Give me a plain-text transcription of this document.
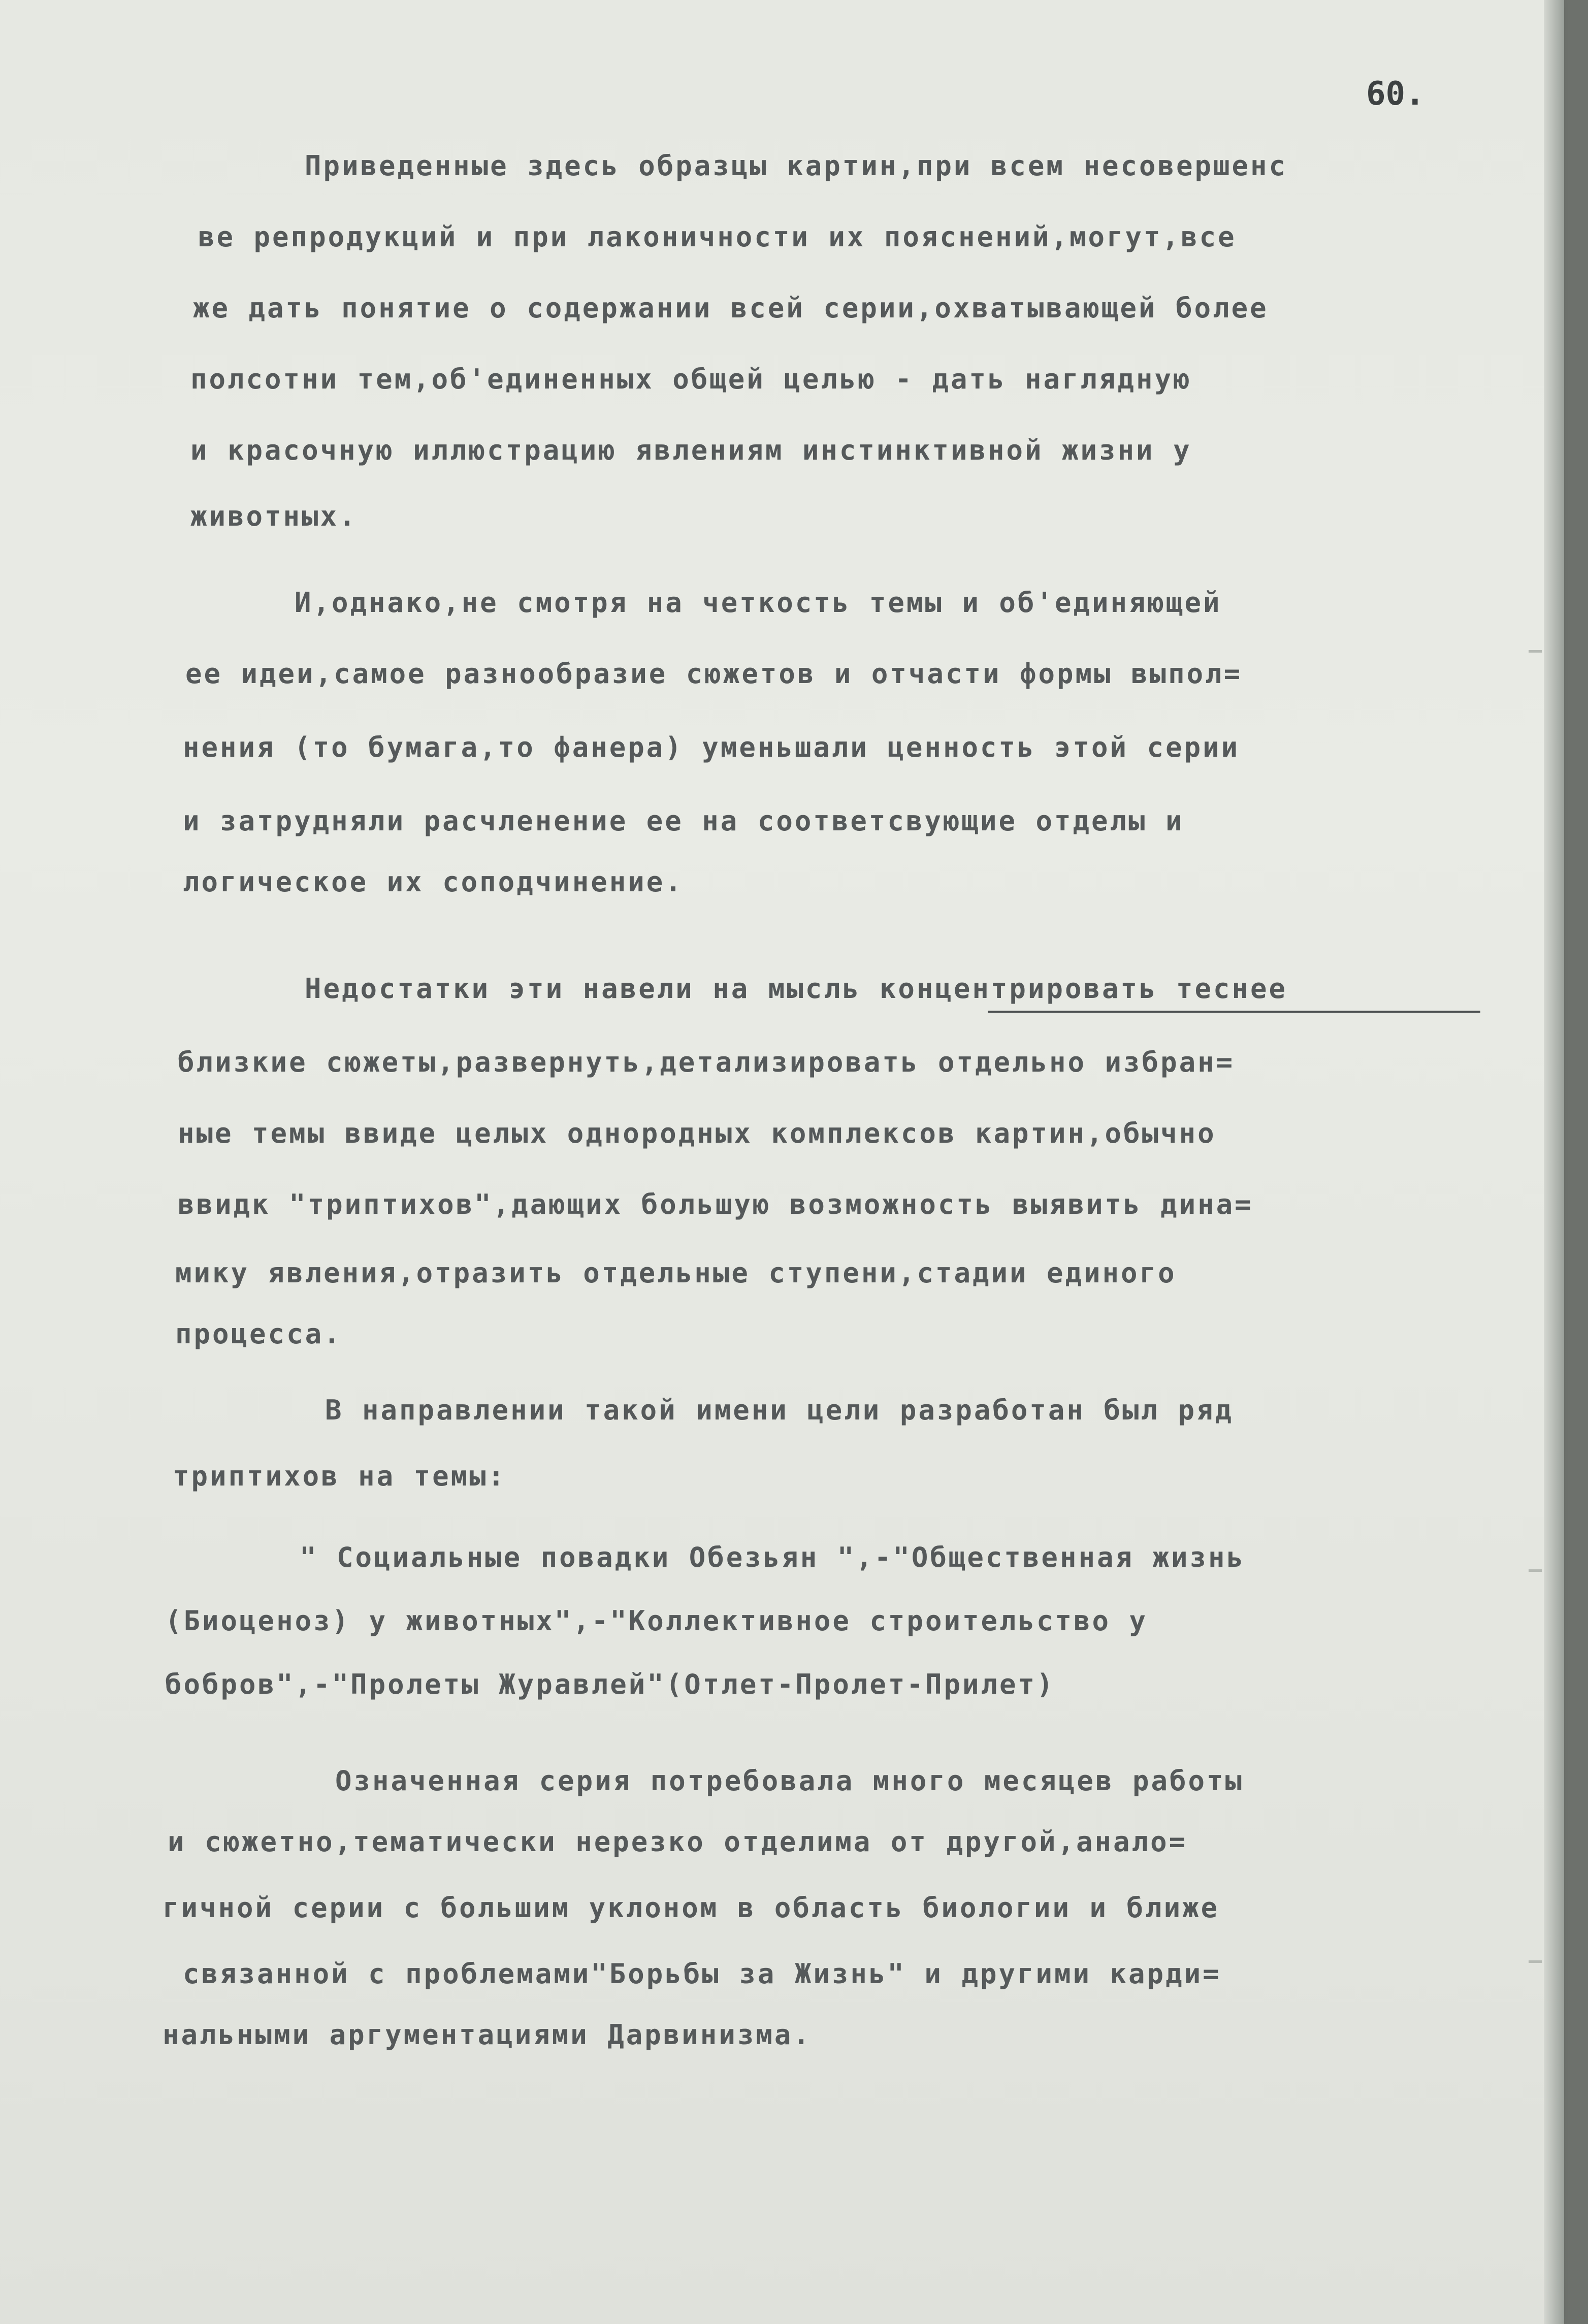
60.

Приведенные здесь образцы картин,при всем несовершенс

ве репродукций и при лаконичности их пояснений,могут,все

же дать понятие о содержании всей серии,охватывающей более

полсотни тем,об'единенных общей целью - дать наглядную

и красочную иллюстрацию явлениям инстинктивной жизни у

животных.

И,однако,не смотря на четкость темы и об'единяющей

ее идеи,самое разнообразие сюжетов и отчасти формы выпол=

нения (то бумага,то фанера) уменьшали ценность этой серии

и затрудняли расчленение ее на соответсвующие отделы и

логическое их соподчинение.

Недостатки эти навели на мысль концентрировать теснее

близкие сюжеты,развернуть,детализировать отдельно избран=

ные темы ввиде целых однородных комплексов картин,обычно

ввидк "триптихов",дающих большую возможность выявить дина=

мику явления,отразить отдельные ступени,стадии единого

процесса.

В направлении такой имени цели разработан был ряд

триптихов на темы:

" Социальные повадки Обезьян ",-"Общественная жизнь

(Биоценоз) у животных",-"Коллективное строительство у

бобров",-"Пролеты Журавлей"(Отлет-Пролет-Прилет)

Означенная серия потребовала много месяцев работы

и сюжетно,тематически нерезко отделима от другой,анало=

гичной серии с большим уклоном в область биологии и ближе

связанной с проблемами"Борьбы за Жизнь" и другими карди=

нальными аргументациями Дарвинизма.
